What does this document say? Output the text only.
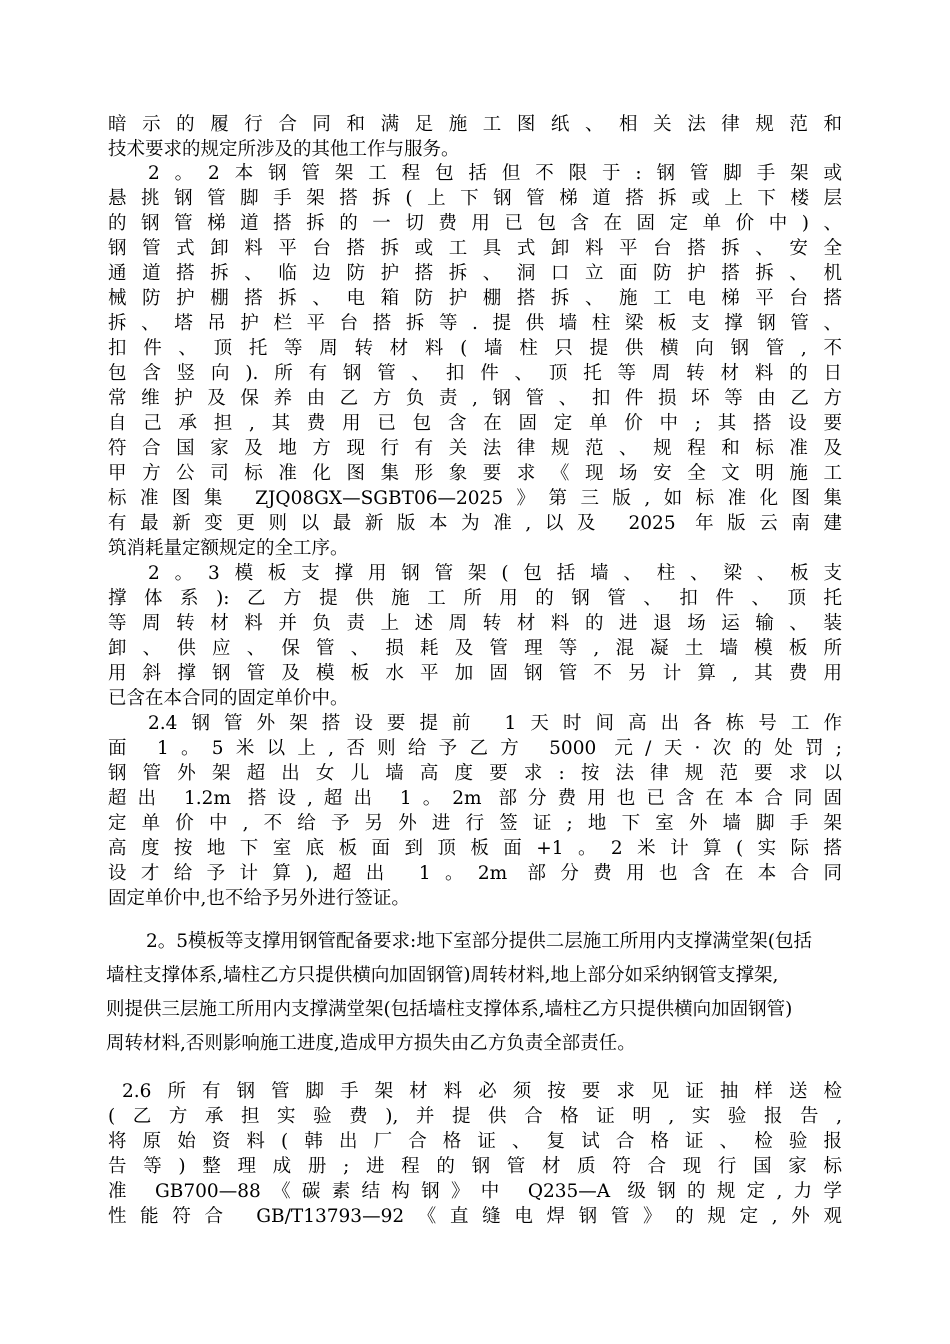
暗示的履行合同和满足施工图纸、相关法律规范和
技术要求的规定所涉及的其他工作与服务。
2。2本钢管架工程包括但不限于:钢管脚手架或
悬挑钢管脚手架搭拆(上下钢管梯道搭拆或上下楼层
的钢管梯道搭拆的一切费用已包含在固定单价中)、
钢管式卸料平台搭拆或工具式卸料平台搭拆、安全
通道搭拆、临边防护搭拆、洞口立面防护搭拆、机
械防护棚搭拆、电箱防护棚搭拆、施工电梯平台搭
拆、塔吊护栏平台搭拆等.提供墙柱梁板支撑钢管、
扣件、顶托等周转材料(墙柱只提供横向钢管,不
包含竖向).所有钢管、扣件、顶托等周转材料的日
常维护及保养由乙方负责,钢管、扣件损坏等由乙方
自己承担,其费用已包含在固定单价中;其搭设要
符合国家及地方现行有关法律规范、规程和标准及
甲方公司标准化图集形象要求《现场安全文明施工
标准图集 ZJQ08GX—SGBT06—2025》第三版,如标准化图集
有最新变更则以最新版本为准,以及 2025 年版云南建
筑消耗量定额规定的全工序。
2。3模板支撑用钢管架(包括墙、柱、梁、板支
撑体系):乙方提供施工所用的钢管、扣件、顶托
等周转材料并负责上述周转材料的进退场运输、装
卸、供应、保管、损耗及管理等,混凝土墙模板所
用斜撑钢管及模板水平加固钢管不另计算,其费用
已含在本合同的固定单价中。
2.4钢管外架搭设要提前 1天时间高出各栋号工作
面 1。5米以上,否则给予乙方 5000 元/天·次的处罚;
钢管外架超出女儿墙高度要求:按法律规范要求以
超出 1.2m 搭设,超出 1。2m 部分费用也已含在本合同固
定单价中,不给予另外进行签证;地下室外墙脚手架
高度按地下室底板面到顶板面+1。2米计算(实际搭
设才给予计算),超出 1。2m 部分费用也含在本合同
固定单价中,也不给予另外进行签证。
2。5模板等支撑用钢管配备要求:地下室部分提供二层施工所用内支撑满堂架(包括
墙柱支撑体系,墙柱乙方只提供横向加固钢管)周转材料,地上部分如采纳钢管支撑架,
则提供三层施工所用内支撑满堂架(包括墙柱支撑体系,墙柱乙方只提供横向加固钢管)
周转材料,否则影响施工进度,造成甲方损失由乙方负责全部责任。
2.6所有钢管脚手架材料必须按要求见证抽样送检
(乙方承担实验费),并提供合格证明,实验报告,
将原始资料(韩出厂合格证、复试合格证、检验报
告等)整理成册;进程的钢管材质符合现行国家标
准 GB700—88《碳素结构钢》中 Q235—A 级钢的规定,力学
性能符合 GB/T13793—92《直缝电焊钢管》的规定,外观
